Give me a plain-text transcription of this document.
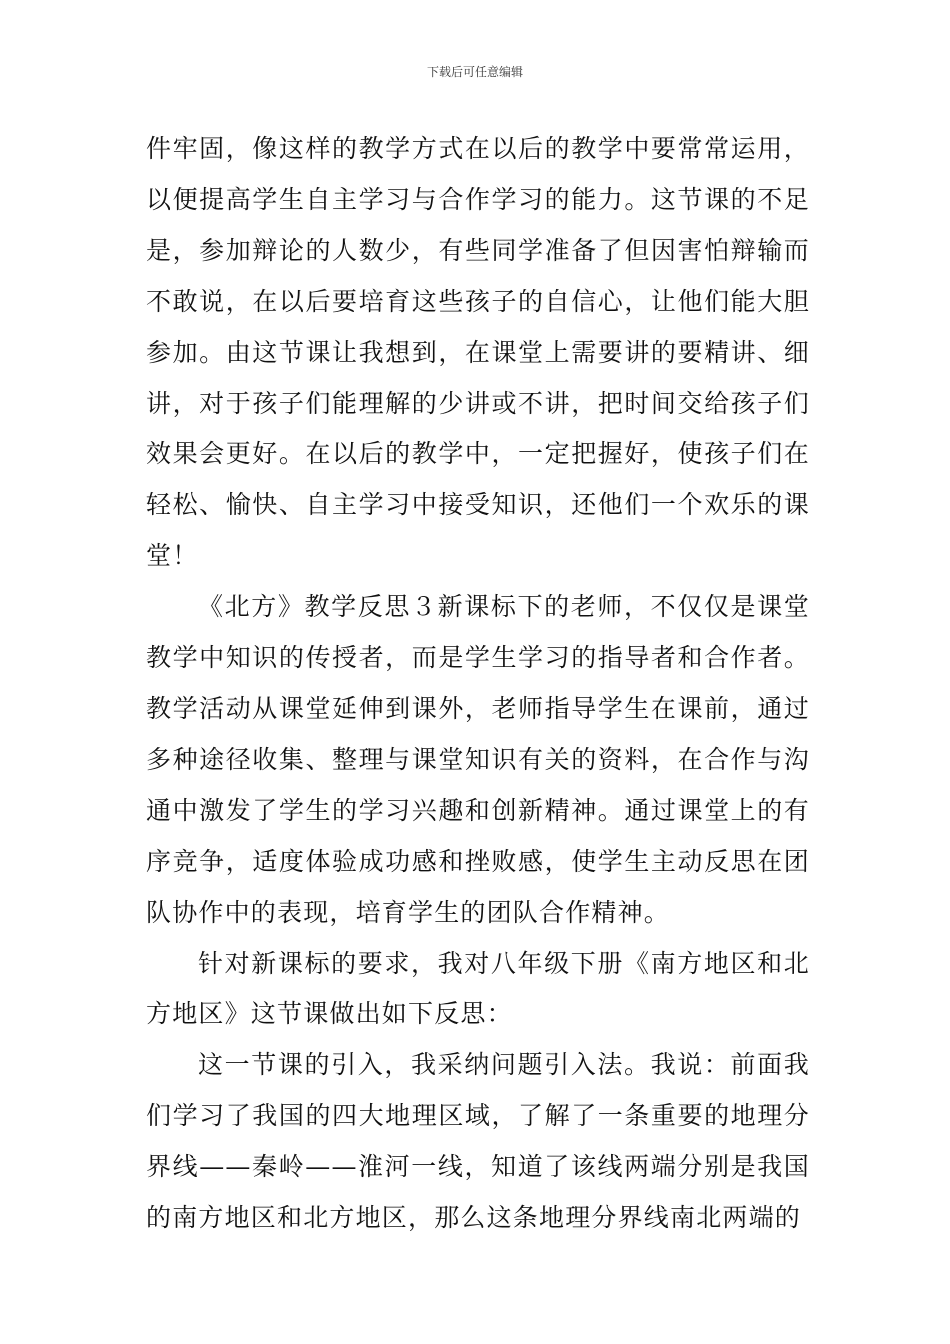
下载后可任意编辑

件牢固，像这样的教学方式在以后的教学中要常常运用，以便提高学生自主学习与合作学习的能力。这节课的不足是，参加辩论的人数少，有些同学准备了但因害怕辩输而不敢说，在以后要培育这些孩子的自信心，让他们能大胆参加。由这节课让我想到，在课堂上需要讲的要精讲、细讲，对于孩子们能理解的少讲或不讲，把时间交给孩子们效果会更好。在以后的教学中，一定把握好，使孩子们在轻松、愉快、自主学习中接受知识，还他们一个欢乐的课堂！

《北方》教学反思３新课标下的老师，不仅仅是课堂教学中知识的传授者，而是学生学习的指导者和合作者。教学活动从课堂延伸到课外，老师指导学生在课前，通过多种途径收集、整理与课堂知识有关的资料，在合作与沟通中激发了学生的学习兴趣和创新精神。通过课堂上的有序竞争，适度体验成功感和挫败感，使学生主动反思在团队协作中的表现，培育学生的团队合作精神。

针对新课标的要求，我对八年级下册《南方地区和北方地区》这节课做出如下反思：

这一节课的引入，我采纳问题引入法。我说：前面我们学习了我国的四大地理区域，了解了一条重要的地理分界线——秦岭——淮河一线，知道了该线两端分别是我国的南方地区和北方地区，那么这条地理分界线南北两端的
